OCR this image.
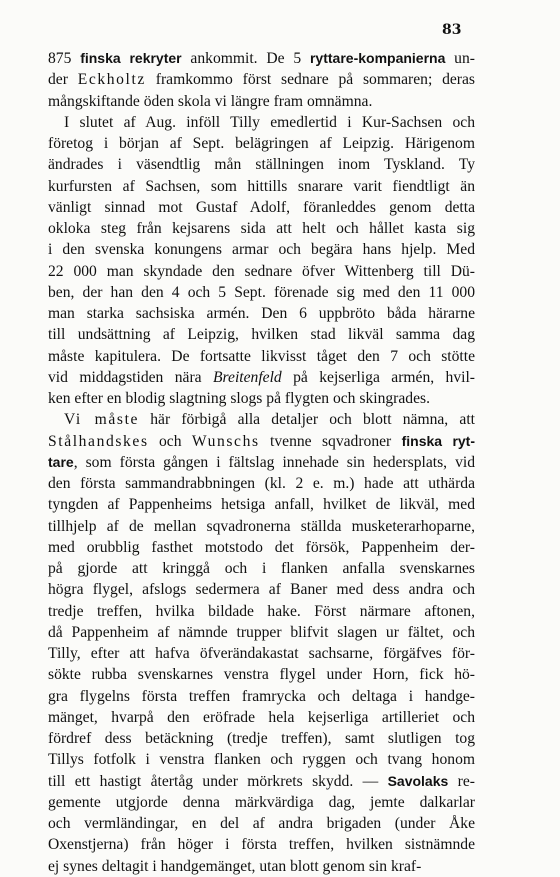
83
875 finska rekryter ankommit. De 5 ryttare-kompanierna un-
der Eckholtz framkommo först sednare på sommaren; deras
mångskiftande öden skola vi längre fram omnämna.
I slutet af Aug. inföll Tilly emedlertid i Kur-Sachsen och
företog i början af Sept. belägringen af Leipzig. Härigenom
ändrades i väsendtlig mån ställningen inom Tyskland. Ty
kurfursten af Sachsen, som hittills snarare varit fiendtligt än
vänligt sinnad mot Gustaf Adolf, föranleddes genom detta
okloka steg från kejsarens sida att helt och hållet kasta sig
i den svenska konungens armar och begära hans hjelp. Med
22 000 man skyndade den sednare öfver Wittenberg till Dü-
ben, der han den 4 och 5 Sept. förenade sig med den 11 000
man starka sachsiska armén. Den 6 uppbröto båda härarne
till undsättning af Leipzig, hvilken stad likväl samma dag
måste kapitulera. De fortsatte likvisst tåget den 7 och stötte
vid middagstiden nära Breitenfeld på kejserliga armén, hvil-
ken efter en blodig slagtning slogs på flygten och skingrades.
Vi måste här förbigå alla detaljer och blott nämna, att
Stålhandskes och Wunschs tvenne sqvadroner finska ryt-
tare, som första gången i fältslag innehade sin hedersplats, vid
den första sammandrabbningen (kl. 2 e. m.) hade att uthärda
tyngden af Pappenheims hetsiga anfall, hvilket de likväl, med
tillhjelp af de mellan sqvadronerna ställda musketerarhoparne,
med orubblig fasthet motstodo det försök, Pappenheim der-
på gjorde att kringgå och i flanken anfalla svenskarnes
högra flygel, afslogs sedermera af Baner med dess andra och
tredje treffen, hvilka bildade hake. Först närmare aftonen,
då Pappenheim af nämnde trupper blifvit slagen ur fältet, och
Tilly, efter att hafva öfverändakastat sachsarne, förgäfves för-
sökte rubba svenskarnes venstra flygel under Horn, fick hö-
gra flygelns första treffen framrycka och deltaga i handge-
mänget, hvarpå den eröfrade hela kejserliga artilleriet och
fördref dess betäckning (tredje treffen), samt slutligen tog
Tillys fotfolk i venstra flanken och ryggen och tvang honom
till ett hastigt återtåg under mörkrets skydd. — Savolaks re-
gemente utgjorde denna märkvärdiga dag, jemte dalkarlar
och vermländingar, en del af andra brigaden (under Åke
Oxenstjerna) från höger i första treffen, hvilken sistnämnde
ej synes deltagit i handgemänget, utan blott genom sin kraf-
